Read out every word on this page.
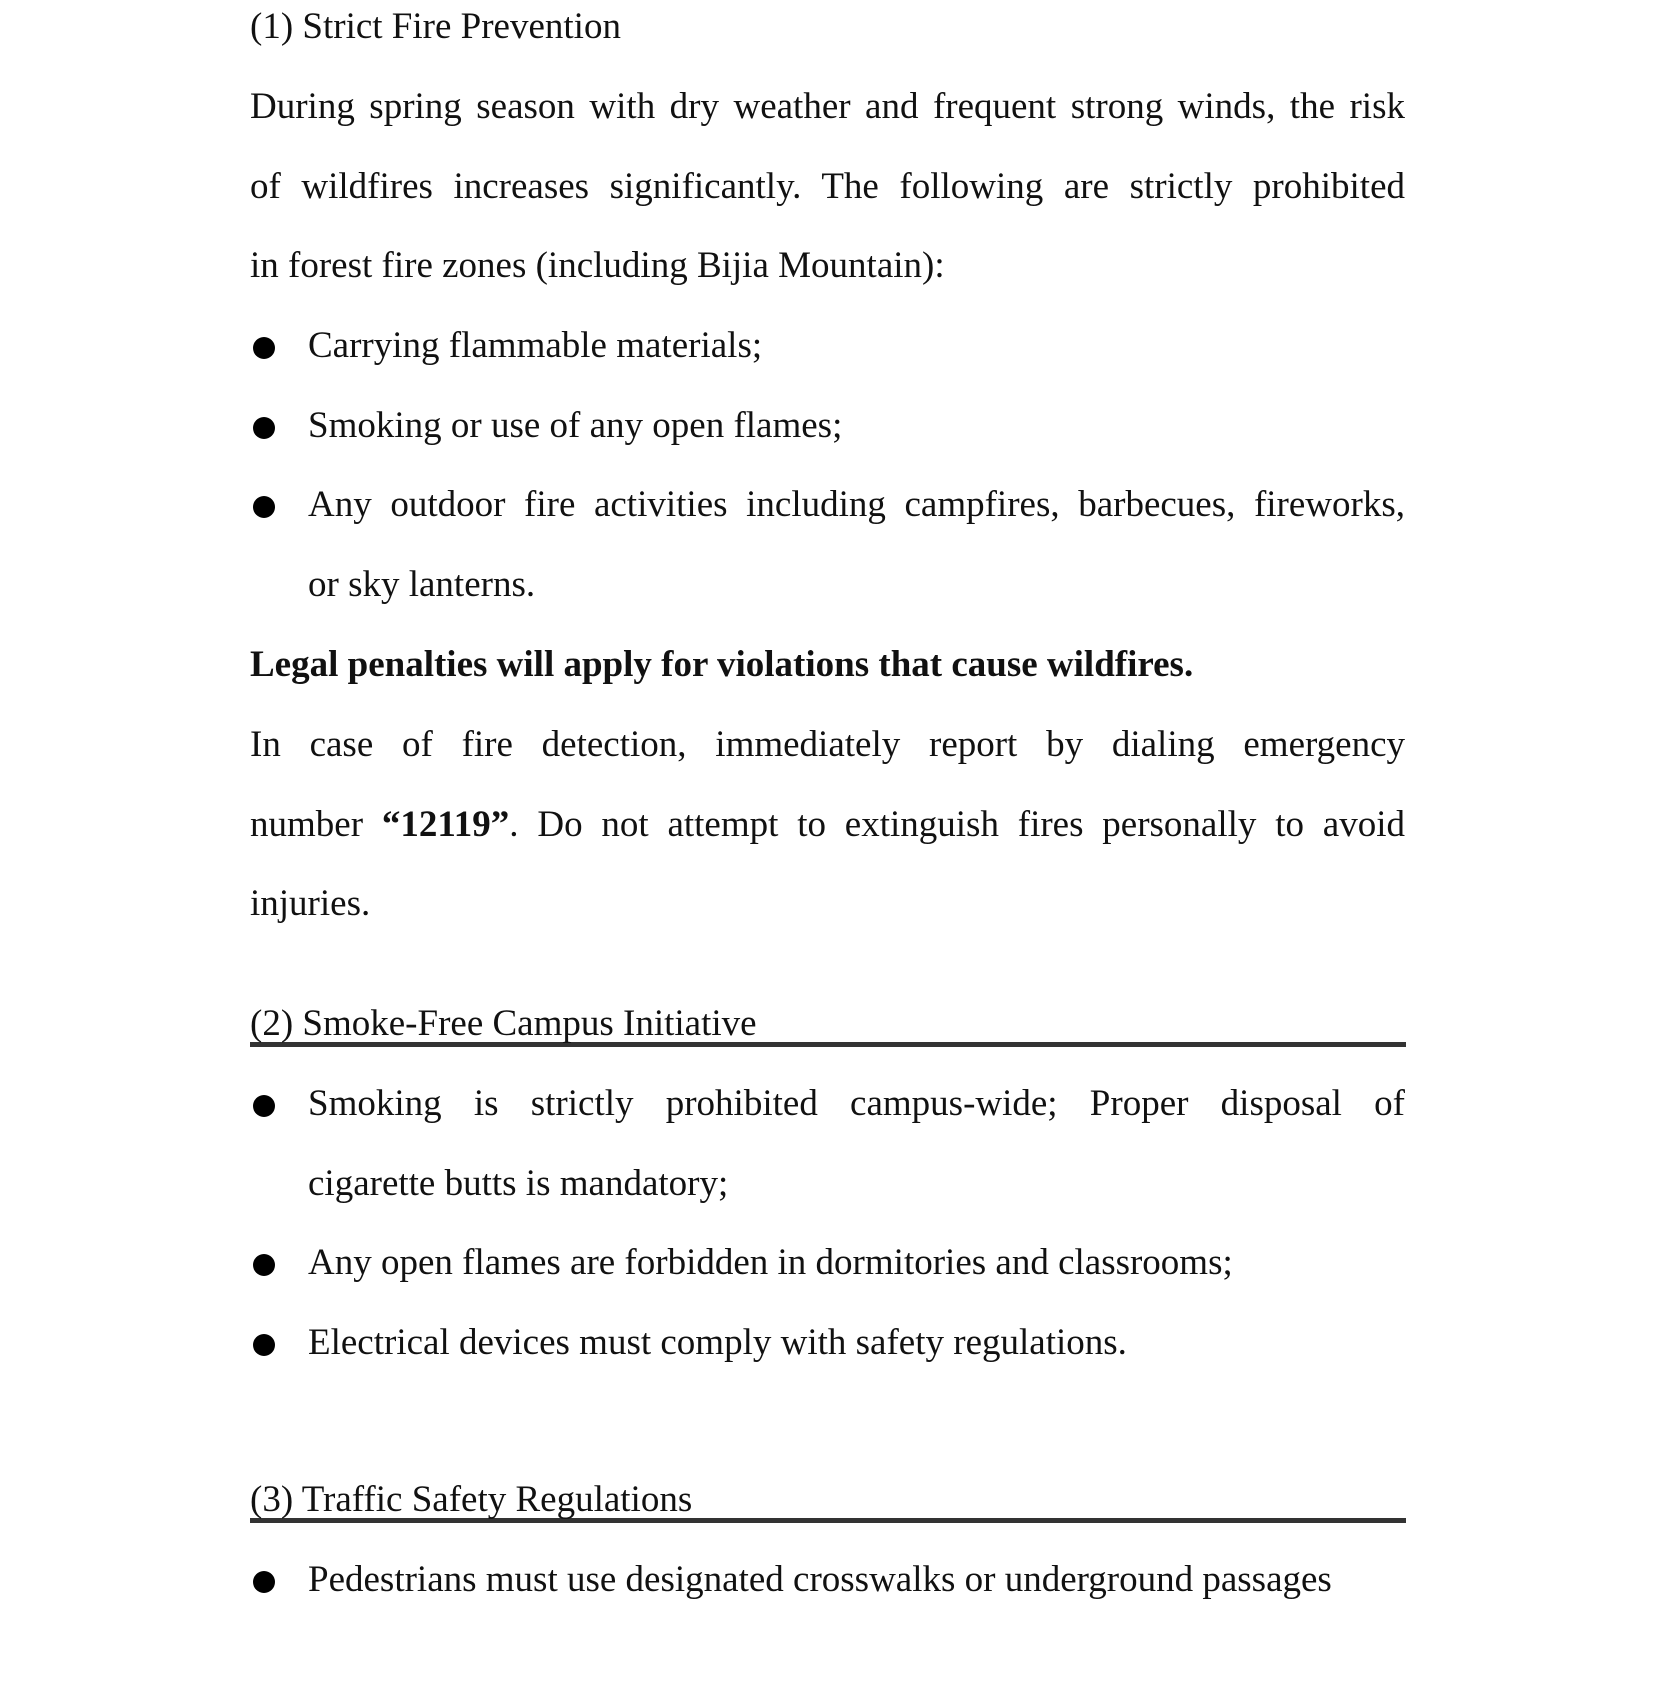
(1) Strict Fire Prevention
During spring season with dry weather and frequent strong winds, the risk
of wildfires increases significantly. The following are strictly prohibited
in forest fire zones (including Bijia Mountain):
Carrying flammable materials;
Smoking or use of any open flames;
Any outdoor fire activities including campfires, barbecues, fireworks,
or sky lanterns.
Legal penalties will apply for violations that cause wildfires.
In case of fire detection, immediately report by dialing emergency
number “12119”. Do not attempt to extinguish fires personally to avoid
injuries.
(2) Smoke-Free Campus Initiative
Smoking is strictly prohibited campus-wide; Proper disposal of
cigarette butts is mandatory;
Any open flames are forbidden in dormitories and classrooms;
Electrical devices must comply with safety regulations.
(3) Traffic Safety Regulations
Pedestrians must use designated crosswalks or underground passages
